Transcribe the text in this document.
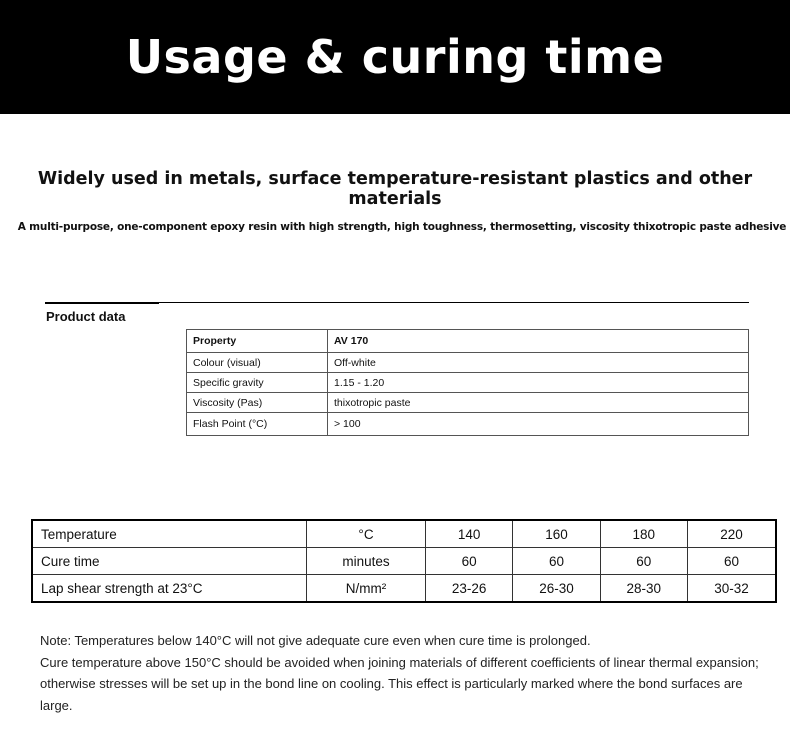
Usage & curing time
Widely used in metals, surface temperature-resistant plastics and other materials
A multi-purpose, one-component epoxy resin with high strength, high toughness, thermosetting, viscosity thixotropic paste adhesive
Product data
Property	AV 170
Colour (visual)	Off-white
Specific gravity	1.15 - 1.20
Viscosity (Pas)	thixotropic paste
Flash Point (°C)	> 100
Temperature	°C	140	160	180	220
Cure time	minutes	60	60	60	60
Lap shear strength at 23°C	N/mm²	23-26	26-30	28-30	30-32

Note: Temperatures below 140°C will not give adequate cure even when cure time is prolonged.

Cure temperature above 150°C should be avoided when joining materials of different coefficients of linear thermal expansion; otherwise stresses will be set up in the bond line on cooling. This effect is particularly marked where the bond surfaces are large.
